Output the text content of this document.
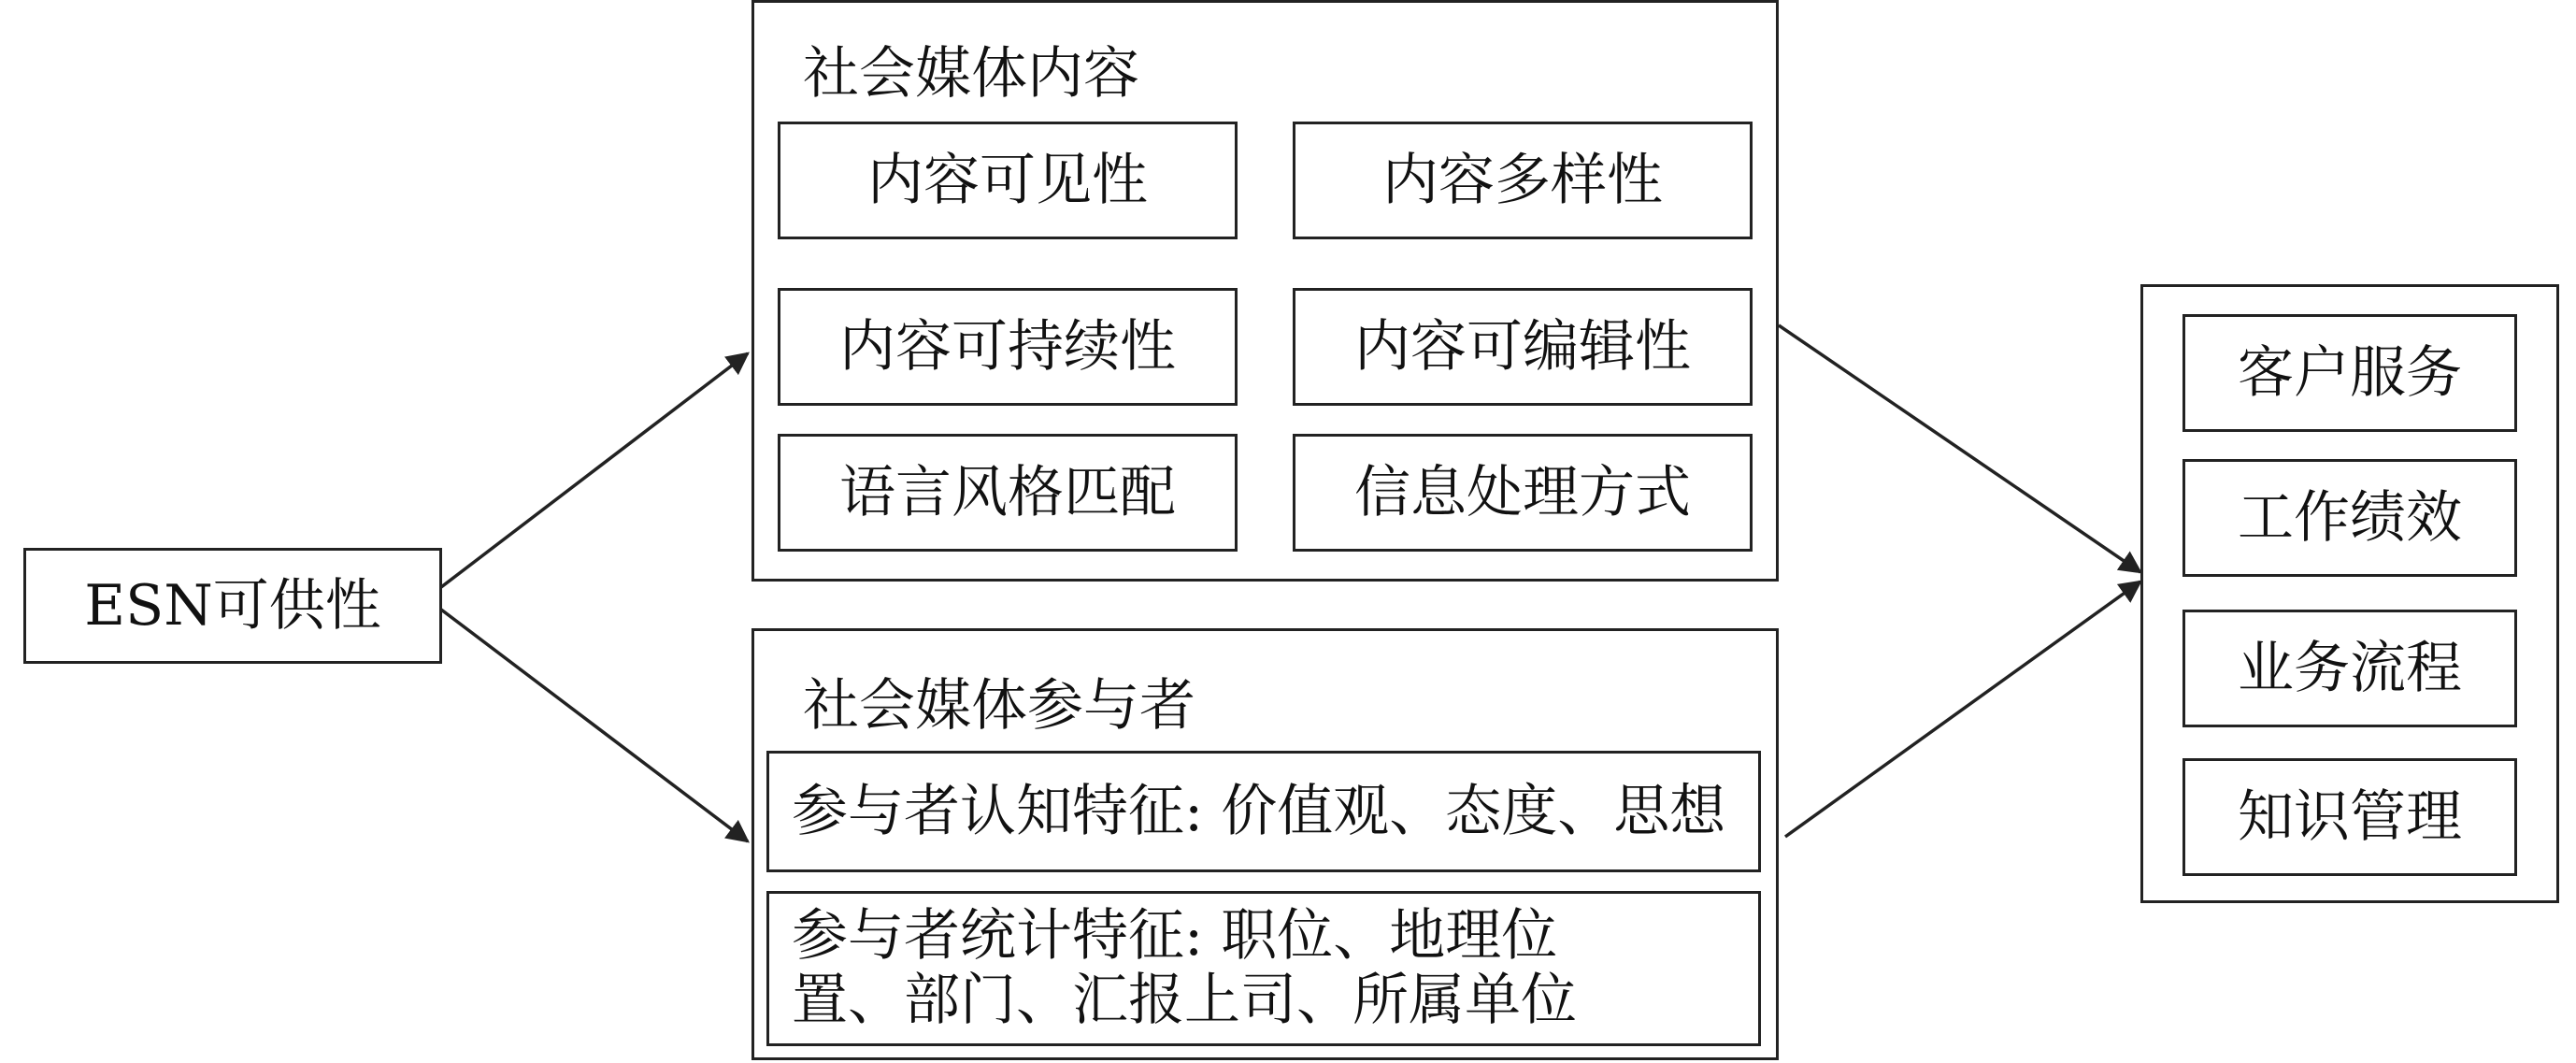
ESN可供性
社会媒体内容
内容可见性	内容多样性
内容可持续性	内容可编辑性
语言风格匹配	信息处理方式
社会媒体参与者
参与者认知特征: 价值观、态度、思想
参与者统计特征: 职位、地理位置、部门、汇报上司、所属单位
客户服务
工作绩效
业务流程
知识管理
